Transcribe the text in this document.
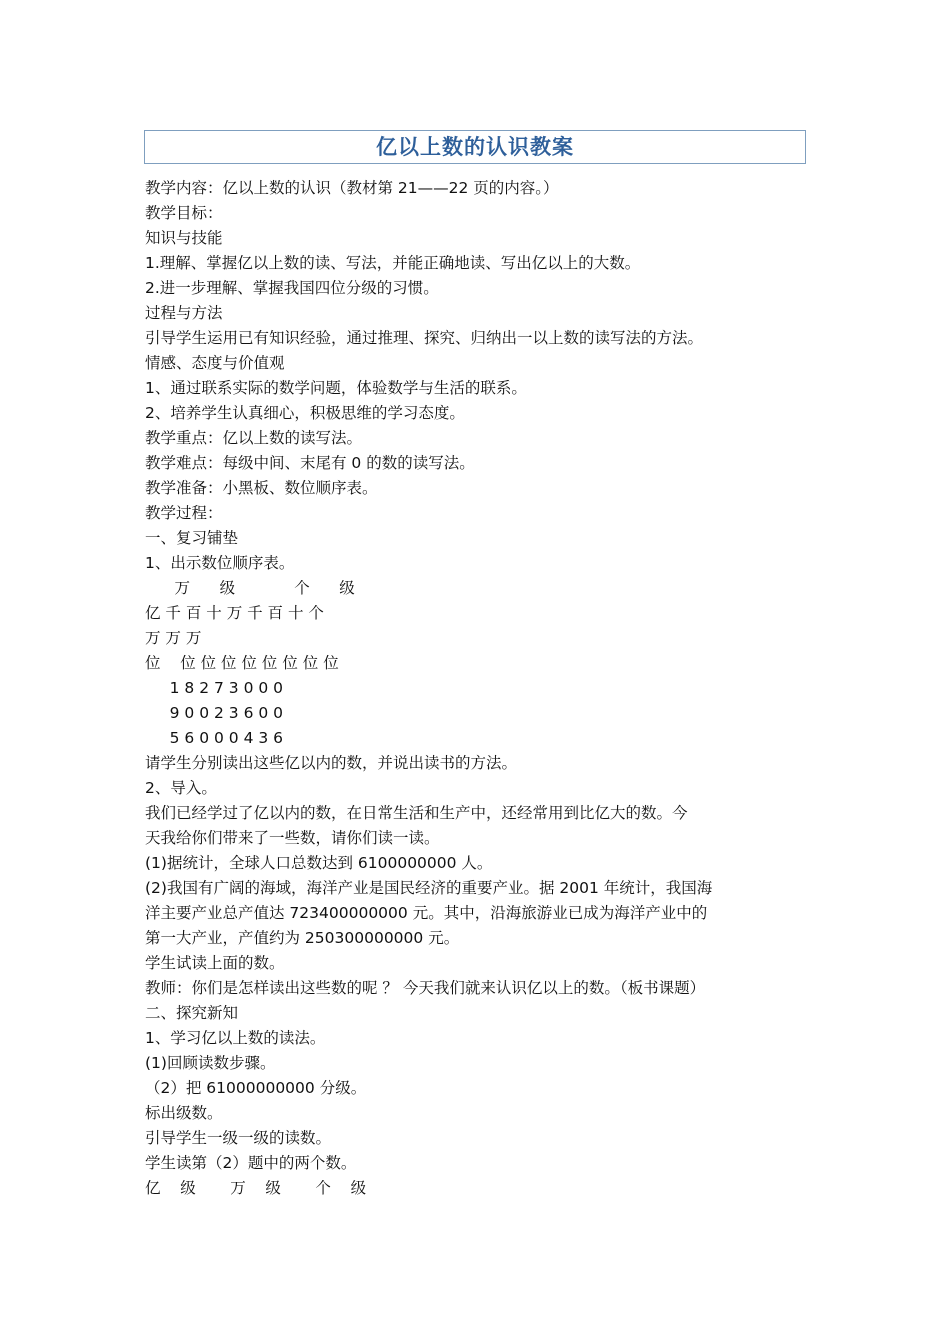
亿以上数的认识教案
教学内容：亿以上数的认识（教材第 21——22 页的内容。）
教学目标：
知识与技能
1.理解、掌握亿以上数的读、写法，并能正确地读、写出亿以上的大数。
2.进一步理解、掌握我国四位分级的习惯。
过程与方法
引导学生运用已有知识经验，通过推理、探究、归纳出一以上数的读写法的方法。
情感、态度与价值观
1、通过联系实际的数学问题，体验数学与生活的联系。
2、培养学生认真细心，积极思维的学习态度。
教学重点：亿以上数的读写法。
教学难点：每级中间、末尾有 0 的数的读写法。
教学准备：小黑板、数位顺序表。
教学过程：
一、复习铺垫
1、出示数位顺序表。
万      级            个      级
亿 千 百 十 万 千 百 十 个
万 万 万
位    位 位 位 位 位 位 位 位
1 8 2 7 3 0 0 0
9 0 0 2 3 6 0 0
5 6 0 0 0 4 3 6
请学生分别读出这些亿以内的数，并说出读书的方法。
2、导入。
我们已经学过了亿以内的数，在日常生活和生产中，还经常用到比亿大的数。今
天我给你们带来了一些数，请你们读一读。
(1)据统计，全球人口总数达到 6100000000 人。
(2)我国有广阔的海域，海洋产业是国民经济的重要产业。据 2001 年统计，我国海
洋主要产业总产值达 723400000000 元。其中，沿海旅游业已成为海洋产业中的
第一大产业，产值约为 250300000000 元。
学生试读上面的数。
教师：你们是怎样读出这些数的呢 ？ 今天我们就来认识亿以上的数。（板书课题）
二、探究新知
1、学习亿以上数的读法。
(1)回顾读数步骤。
（2）把 61000000000 分级。
标出级数。
引导学生一级一级的读数。
学生读第（2）题中的两个数。
亿    级       万    级       个    级
